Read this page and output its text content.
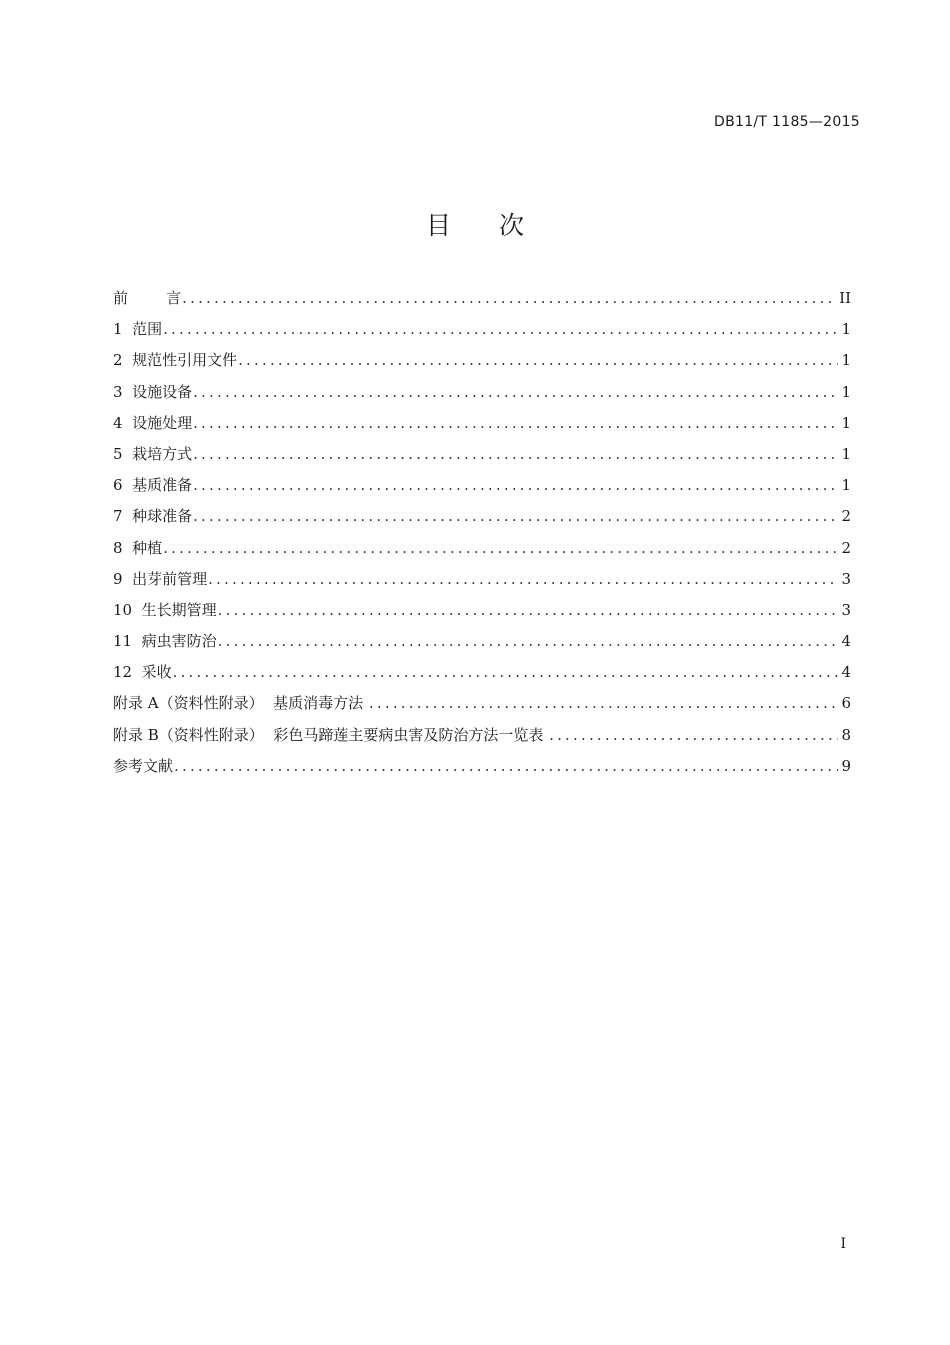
DB11/T 1185—2015
目次
前        言 .....	II
1  范围 .....	1
2  规范性引用文件 .....	1
3  设施设备 .....	1
4  设施处理 .....	1
5  栽培方式 .....	1
6  基质准备 .....	1
7  种球准备 .....	2
8  种植 .....	2
9  出芽前管理 .....	3
10  生长期管理 .....	3
11  病虫害防治 .....	4
12  采收 .....	4
附录 A（资料性附录）  基质消毒方法 .....	6
附录 B（资料性附录）  彩色马蹄莲主要病虫害及防治方法一览表 .....	8
参考文献 .....	9
I
